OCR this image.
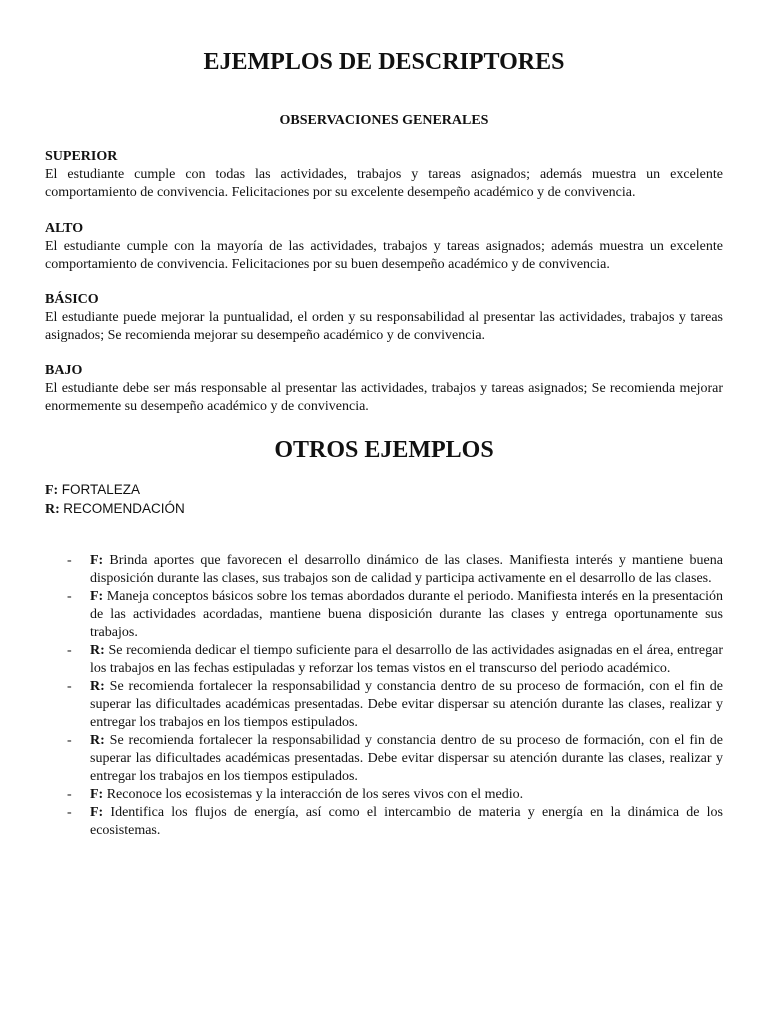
EJEMPLOS DE DESCRIPTORES
OBSERVACIONES GENERALES

SUPERIOR

El estudiante cumple con todas las actividades, trabajos y tareas asignados; además muestra un excelente comportamiento de convivencia. Felicitaciones por su excelente desempeño académico y de convivencia.

ALTO

El estudiante cumple con la mayoría de las actividades, trabajos y tareas asignados; además muestra un excelente comportamiento de convivencia. Felicitaciones por su buen desempeño académico y de convivencia.

BÁSICO

El estudiante puede mejorar la puntualidad, el orden y su responsabilidad al presentar las actividades, trabajos y tareas asignados; Se recomienda mejorar su desempeño académico y de convivencia.

BAJO

El estudiante debe ser más responsable al presentar las actividades, trabajos y tareas asignados; Se recomienda mejorar enormemente su desempeño académico y de convivencia.

OTROS EJEMPLOS

F: FORTALEZA

R: RECOMENDACIÓN

- F: Brinda aportes que favorecen el desarrollo dinámico de las clases. Manifiesta interés y mantiene buena disposición durante las clases, sus trabajos son de calidad y participa activamente en el desarrollo de las clases.
- F: Maneja conceptos básicos sobre los temas abordados durante el periodo. Manifiesta interés en la presentación de las actividades acordadas, mantiene buena disposición durante las clases y entrega oportunamente sus trabajos.
- R: Se recomienda dedicar el tiempo suficiente para el desarrollo de las actividades asignadas en el área, entregar los trabajos en las fechas estipuladas y reforzar los temas vistos en el transcurso del periodo académico.
- R: Se recomienda fortalecer la responsabilidad y constancia dentro de su proceso de formación, con el fin de superar las dificultades académicas presentadas. Debe evitar dispersar su atención durante las clases, realizar y entregar los trabajos en los tiempos estipulados.
- R: Se recomienda fortalecer la responsabilidad y constancia dentro de su proceso de formación, con el fin de superar las dificultades académicas presentadas. Debe evitar dispersar su atención durante las clases, realizar y entregar los trabajos en los tiempos estipulados.
- F: Reconoce los ecosistemas y la interacción de los seres vivos con el medio.
- F: Identifica los flujos de energía, así como el intercambio de materia y energía en la dinámica de los ecosistemas.
